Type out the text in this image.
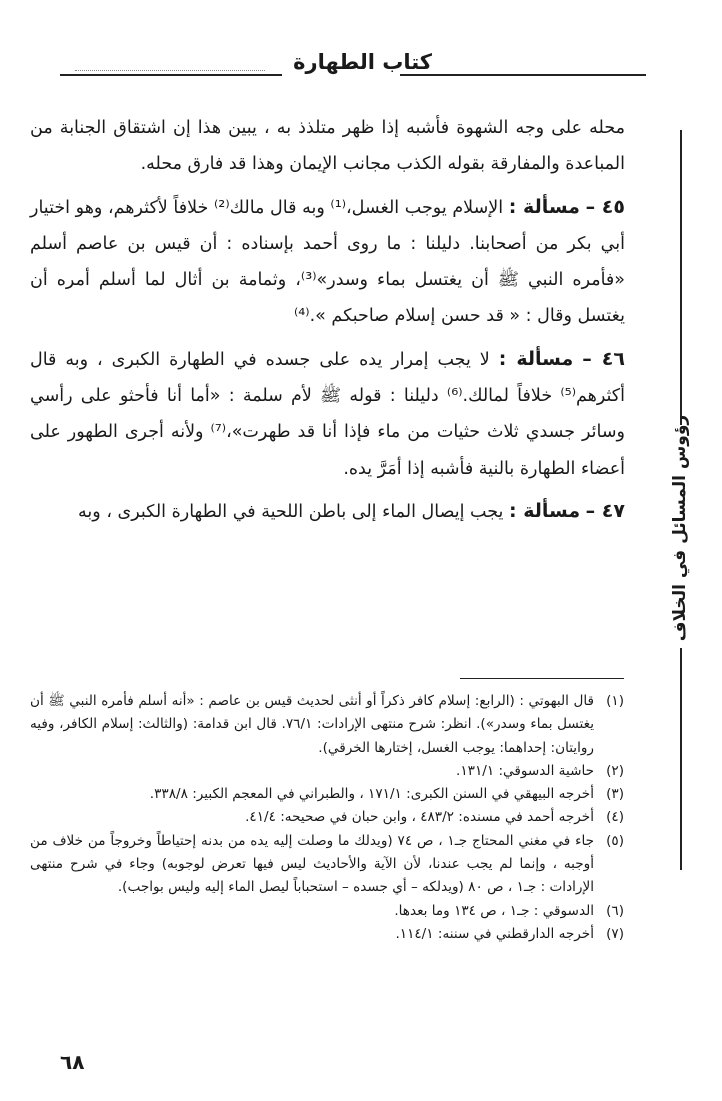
كتاب الطهارة
رؤوس المسائل في الخلاف

محله على وجه الشهوة فأشبه إذا ظهر متلذذ به ، يبين هذا إن اشتقاق الجنابة من المباعدة والمفارقة بقوله الكذب مجانب الإيمان وهذا قد فارق محله.

٤٥ – مسألة : الإسلام يوجب الغسل،⁽¹⁾ وبه قال مالك⁽²⁾ خلافاً لأكثرهم، وهو اختيار أبي بكر من أصحابنا. دليلنا : ما روى أحمد بإسناده : أن قيس بن عاصم أسلم «فأمره النبي ﷺ أن يغتسل بماء وسدر»⁽³⁾، وثمامة بن أثال لما أسلم أمره أن يغتسل وقال : « قد حسن إسلام صاحبكم ».⁽⁴⁾

٤٦ – مسألة : لا يجب إمرار يده على جسده في الطهارة الكبرى ، وبه قال أكثرهم⁽⁵⁾ خلافاً لمالك.⁽⁶⁾ دليلنا : قوله ﷺ لأم سلمة : «أما أنا فأحثو على رأسي وسائر جسدي ثلاث حثيات من ماء فإذا أنا قد طهرت»،⁽⁷⁾ ولأنه أجرى الطهور على أعضاء الطهارة بالنية فأشبه إذا أمَرَّ يده.

٤٧ – مسألة : يجب إيصال الماء إلى باطن اللحية في الطهارة الكبرى ، وبه

(١)
قال البهوتي : (الرابع: إسلام كافر ذكراً أو أنثى لحديث قيس بن عاصم : «أنه أسلم فأمره النبي ﷺ أن يغتسل بماء وسدر»). انظر: شرح منتهى الإرادات: ٧٦/١. قال ابن قدامة: (والثالث: إسلام الكافر، وفيه روايتان: إحداهما: يوجب الغسل، إختارها الخرقي).
(٢)
حاشية الدسوقي: ١٣١/١.
(٣)
أخرجه البيهقي في السنن الكبرى: ١٧١/١ ، والطبراني في المعجم الكبير: ٣٣٨/٨.
(٤)
أخرجه أحمد في مسنده: ٤٨٣/٢ ، وابن حبان في صحيحه: ٤١/٤.
(٥)
جاء في مغني المحتاج جـ١ ، ص ٧٤ (ويدلك ما وصلت إليه يده من بدنه إحتياطاً وخروجاً من خلاف من أوجبه ، وإنما لم يجب عندنا، لأن الآية والأحاديث ليس فيها تعرض لوجوبه) وجاء في شرح منتهى الإرادات : جـ١ ، ص ٨٠ (ويدلكه – أي جسده – استحباباً ليصل الماء إليه وليس بواجب).
(٦)
الدسوقي : جـ١ ، ص ١٣٤ وما بعدها.
(٧)
أخرجه الدارقطني في سننه: ١١٤/١.
٦٨
